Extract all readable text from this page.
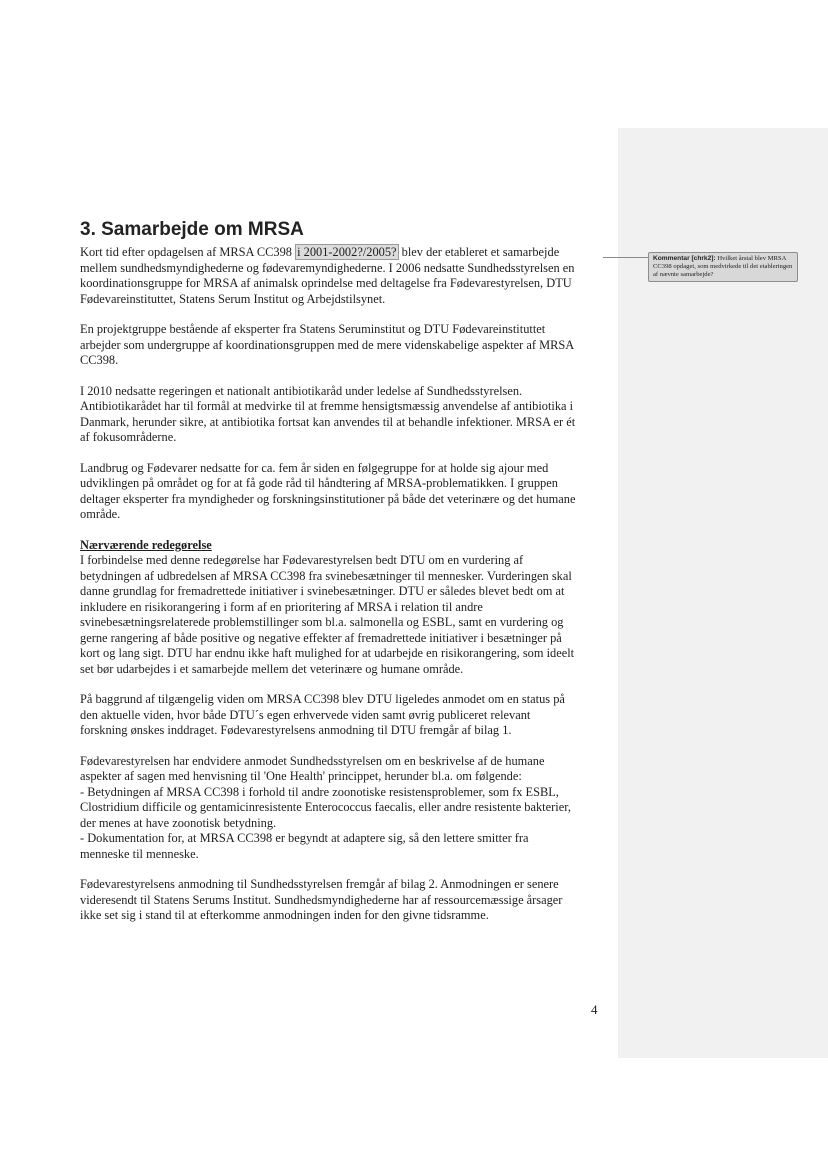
3. Samarbejde om MRSA

Kort tid efter opdagelsen af MRSA CC398 i 2001-2002?/2005? blev der etableret et samarbejde
mellem sundhedsmyndighederne og fødevaremyndighederne. I 2006 nedsatte Sundhedsstyrelsen en
koordinationsgruppe for MRSA af animalsk oprindelse med deltagelse fra Fødevarestyrelsen, DTU
Fødevareinstituttet, Statens Serum Institut og Arbejdstilsynet.

En projektgruppe bestående af eksperter fra Statens Seruminstitut og DTU Fødevareinstituttet
arbejder som undergruppe af koordinationsgruppen med de mere videnskabelige aspekter af MRSA
CC398.

I 2010 nedsatte regeringen et nationalt antibiotikaråd under ledelse af Sundhedsstyrelsen.
Antibiotikarådet har til formål at medvirke til at fremme hensigtsmæssig anvendelse af antibiotika i
Danmark, herunder sikre, at antibiotika fortsat kan anvendes til at behandle infektioner. MRSA er ét
af fokusområderne.

Landbrug og Fødevarer nedsatte for ca. fem år siden en følgegruppe for at holde sig ajour med
udviklingen på området og for at få gode råd til håndtering af MRSA-problematikken. I gruppen
deltager eksperter fra myndigheder og forskningsinstitutioner på både det veterinære og det humane
område.

Nærværende redegørelse

I forbindelse med denne redegørelse har Fødevarestyrelsen bedt DTU om en vurdering af
betydningen af udbredelsen af MRSA CC398 fra svinebesætninger til mennesker. Vurderingen skal
danne grundlag for fremadrettede initiativer i svinebesætninger. DTU er således blevet bedt om at
inkludere en risikorangering i form af en prioritering af MRSA i relation til andre
svinebesætningsrelaterede problemstillinger som bl.a. salmonella og ESBL, samt en vurdering og
gerne rangering af både positive og negative effekter af fremadrettede initiativer i besætninger på
kort og lang sigt. DTU har endnu ikke haft mulighed for at udarbejde en risikorangering, som ideelt
set bør udarbejdes i et samarbejde mellem det veterinære og humane område.

På baggrund af tilgængelig viden om MRSA CC398 blev DTU ligeledes anmodet om en status på
den aktuelle viden, hvor både DTU´s egen erhvervede viden samt øvrig publiceret relevant
forskning ønskes inddraget. Fødevarestyrelsens anmodning til DTU fremgår af bilag 1.

Fødevarestyrelsen har endvidere anmodet Sundhedsstyrelsen om en beskrivelse af de humane
aspekter af sagen med henvisning til 'One Health' princippet, herunder bl.a. om følgende:
- Betydningen af MRSA CC398 i forhold til andre zoonotiske resistensproblemer, som fx ESBL,
Clostridium difficile og gentamicinresistente Enterococcus faecalis, eller andre resistente bakterier,
der menes at have zoonotisk betydning.
- Dokumentation for, at MRSA CC398 er begyndt at adaptere sig, så den lettere smitter fra
menneske til menneske.

Fødevarestyrelsens anmodning til Sundhedsstyrelsen fremgår af bilag 2. Anmodningen er senere
videresendt til Statens Serums Institut. Sundhedsmyndighederne har af ressourcemæssige årsager
ikke set sig i stand til at efterkomme anmodningen inden for den givne tidsramme.

Kommentar [chrk2]: Hvilket årstal blev MRSA CC398 opdaget, som medvirkede til det etableringen af nævnte samarbejde?
4
